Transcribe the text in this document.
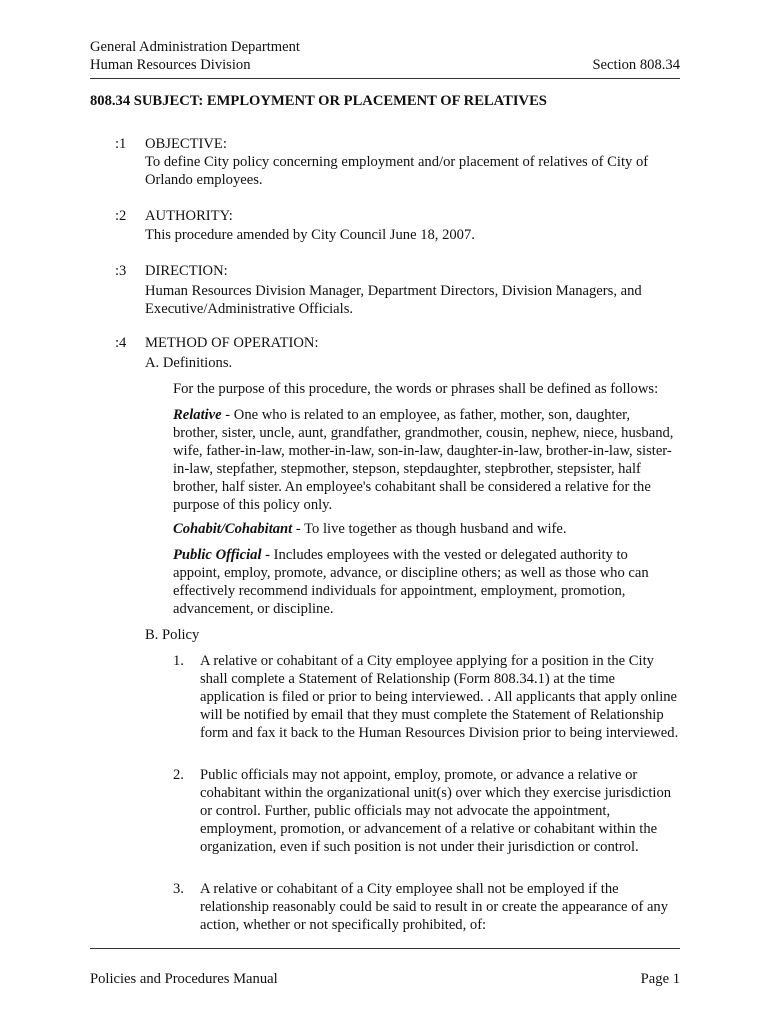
General Administration Department
Human Resources Division	Section 808.34
808.34 SUBJECT: EMPLOYMENT OR PLACEMENT OF RELATIVES
:1 OBJECTIVE:
To define City policy concerning employment and/or placement of relatives of City of Orlando employees.
:2 AUTHORITY:
This procedure amended by City Council June 18, 2007.
:3 DIRECTION:
Human Resources Division Manager, Department Directors, Division Managers, and Executive/Administrative Officials.
:4 METHOD OF OPERATION:
A. Definitions.
For the purpose of this procedure, the words or phrases shall be defined as follows:
Relative - One who is related to an employee, as father, mother, son, daughter, brother, sister, uncle, aunt, grandfather, grandmother, cousin, nephew, niece, husband, wife, father-in-law, mother-in-law, son-in-law, daughter-in-law, brother-in-law, sister-in-law, stepfather, stepmother, stepson, stepdaughter, stepbrother, stepsister, half brother, half sister. An employee's cohabitant shall be considered a relative for the purpose of this policy only.
Cohabit/Cohabitant - To live together as though husband and wife.
Public Official - Includes employees with the vested or delegated authority to appoint, employ, promote, advance, or discipline others; as well as those who can effectively recommend individuals for appointment, employment, promotion, advancement, or discipline.
B. Policy
1. A relative or cohabitant of a City employee applying for a position in the City shall complete a Statement of Relationship (Form 808.34.1) at the time application is filed or prior to being interviewed. . All applicants that apply online will be notified by email that they must complete the Statement of Relationship form and fax it back to the Human Resources Division prior to being interviewed.
2. Public officials may not appoint, employ, promote, or advance a relative or cohabitant within the organizational unit(s) over which they exercise jurisdiction or control. Further, public officials may not advocate the appointment, employment, promotion, or advancement of a relative or cohabitant within the organization, even if such position is not under their jurisdiction or control.
3. A relative or cohabitant of a City employee shall not be employed if the relationship reasonably could be said to result in or create the appearance of any action, whether or not specifically prohibited, of:
Policies and Procedures Manual	Page 1
